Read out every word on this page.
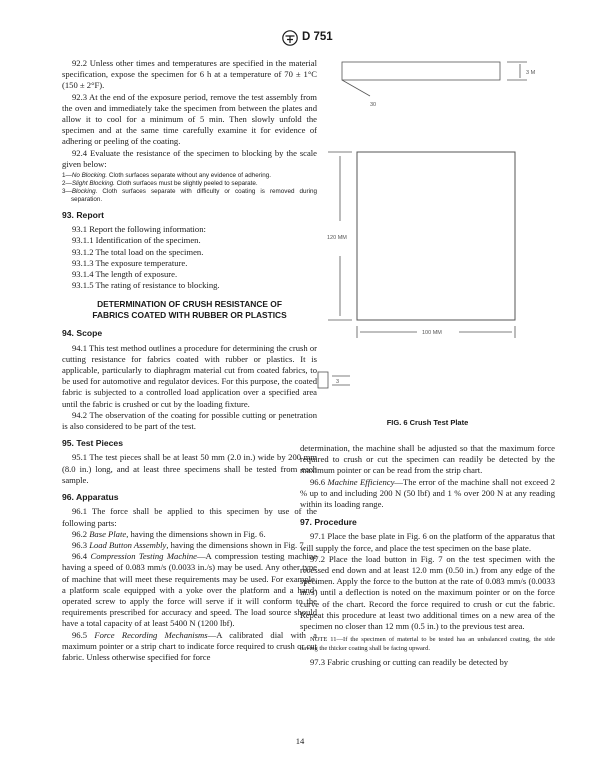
D 751

92.2 Unless other times and temperatures are specified in the material specification, expose the specimen for 6 h at a temperature of 70 ± 1°C (150 ± 2°F).

92.3 At the end of the exposure period, remove the test assembly from the oven and immediately take the specimen from between the plates and allow it to cool for a minimum of 5 min. Then slowly unfold the specimen and at the same time carefully examine it for evidence of adhering or peeling of the coating.

92.4 Evaluate the resistance of the specimen to blocking by the scale given below:

1—No Blocking. Cloth surfaces separate without any evidence of adhering.

2—Slight Blocking. Cloth surfaces must be slightly peeled to separate.

3—Blocking. Cloth surfaces separate with difficulty or coating is removed during separation.

93. Report

93.1 Report the following information:

93.1.1 Identification of the specimen.

93.1.2 The total load on the specimen.

93.1.3 The exposure temperature.

93.1.4 The length of exposure.

93.1.5 The rating of resistance to blocking.

DETERMINATION OF CRUSH RESISTANCE OF

FABRICS COATED WITH RUBBER OR PLASTICS

94. Scope

94.1 This test method outlines a procedure for determining the crush or cutting resistance for fabrics coated with rubber or plastics. It is applicable, particularly to diaphragm material cut from coated fabrics, to be used for automotive and regulator devices. For this purpose, the coated fabric is subjected to a controlled load application over a specified area until the fabric is crushed or cut by the loading fixture.

94.2 The observation of the coating for possible cutting or penetration is also considered to be part of the test.

95. Test Pieces

95.1 The test pieces shall be at least 50 mm (2.0 in.) wide by 200 mm (8.0 in.) long, and at least three specimens shall be tested from each sample.

96. Apparatus

96.1 The force shall be applied to this specimen by use of the following parts:

96.2 Base Plate, having the dimensions shown in Fig. 6.

96.3 Load Button Assembly, having the dimensions shown in Fig. 7.

96.4 Compression Testing Machine—A compression testing machine having a speed of 0.083 mm/s (0.0033 in./s) may be used. Any other type of machine that will meet these requirements may be used. For example, a platform scale equipped with a yoke over the platform and a hand-operated screw to apply the force will serve if it will conform to the requirements prescribed for accuracy and speed. The load source should have a total capacity of at least 5400 N (1200 lbf).

96.5 Force Recording Mechanisms—A calibrated dial with a maximum pointer or a strip chart to indicate force required to crush or cut fabric. Unless otherwise specified for force

3 M
30
120 MM
100 MM
3
FIG. 6 Crush Test Plate

determination, the machine shall be adjusted so that the maximum force required to crush or cut the specimen can readily be detected by the maximum pointer or can be read from the strip chart.

96.6 Machine Efficiency—The error of the machine shall not exceed 2 % up to and including 200 N (50 lbf) and 1 % over 200 N at any reading within its loading range.

97. Procedure

97.1 Place the base plate in Fig. 6 on the platform of the apparatus that will supply the force, and place the test specimen on the base plate.

97.2 Place the load button in Fig. 7 on the test specimen with the recessed end down and at least 12.0 mm (0.50 in.) from any edge of the specimen. Apply the force to the button at the rate of 0.083 mm/s (0.0033 in./s) until a deflection is noted on the maximum pointer or on the force curve of the chart. Record the force required to crush or cut the fabric. Repeat this procedure at least two additional times on a new area of the specimen no closer than 12 mm (0.5 in.) to the previous test area.

NOTE 11—If the specimen of material to be tested has an unbalanced coating, the side having the thicker coating shall be facing upward.

97.3 Fabric crushing or cutting can readily be detected by

14
